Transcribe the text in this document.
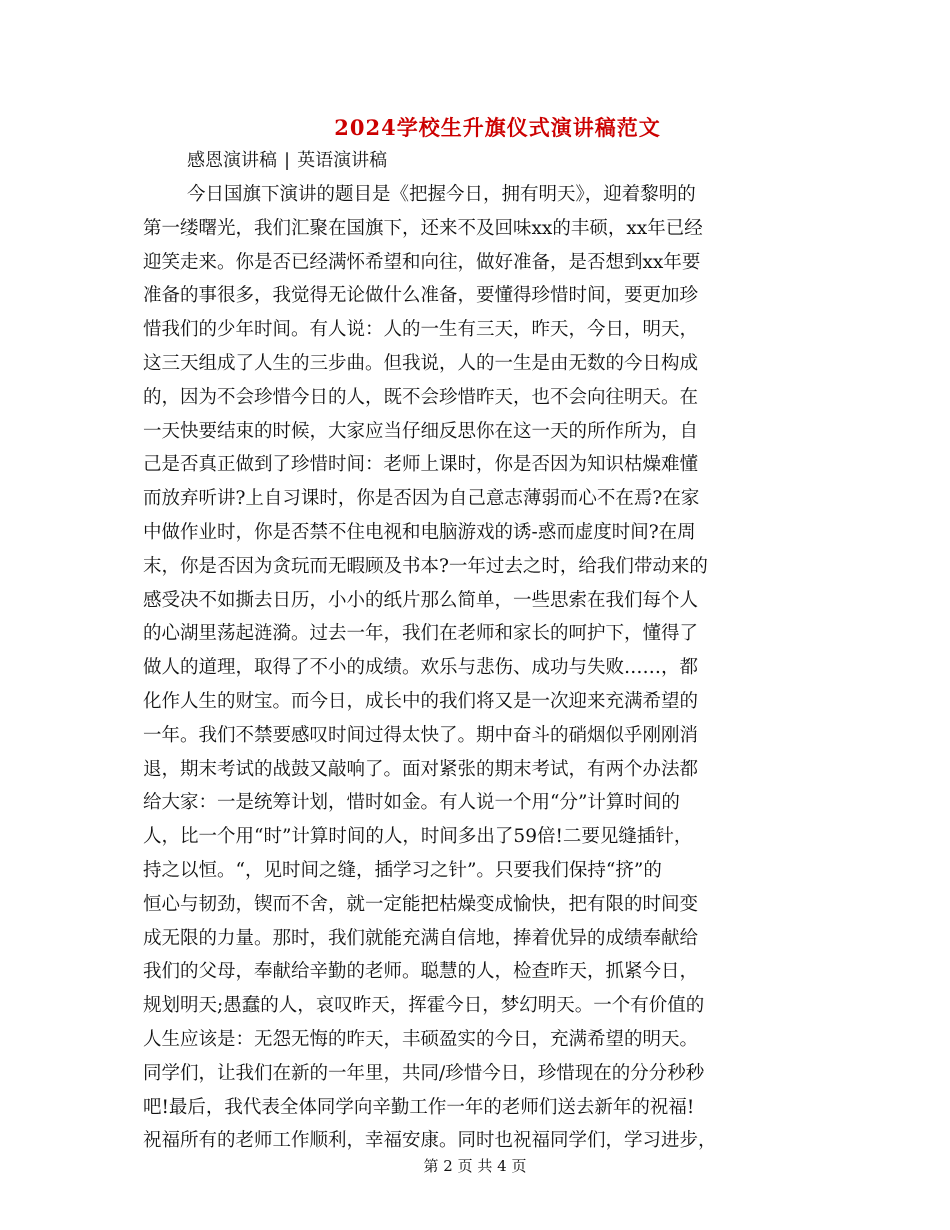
2024学校生升旗仪式演讲稿范文
感恩演讲稿 | 英语演讲稿
今日国旗下演讲的题目是《把握今日，拥有明天》，迎着黎明的
第一缕曙光，我们汇聚在国旗下，还来不及回味xx的丰硕，xx年已经
迎笑走来。你是否已经满怀希望和向往，做好准备，是否想到xx年要
准备的事很多，我觉得无论做什么准备，要懂得珍惜时间，要更加珍
惜我们的少年时间。有人说：人的一生有三天，昨天，今日，明天，
这三天组成了人生的三步曲。但我说，人的一生是由无数的今日构成
的，因为不会珍惜今日的人，既不会珍惜昨天，也不会向往明天。在
一天快要结束的时候，大家应当仔细反思你在这一天的所作所为，自
己是否真正做到了珍惜时间：老师上课时，你是否因为知识枯燥难懂
而放弃听讲?上自习课时，你是否因为自己意志薄弱而心不在焉?在家
中做作业时，你是否禁不住电视和电脑游戏的诱-惑而虚度时间?在周
末，你是否因为贪玩而无暇顾及书本?一年过去之时，给我们带动来的
感受决不如撕去日历，小小的纸片那么简单，一些思索在我们每个人
的心湖里荡起涟漪。过去一年，我们在老师和家长的呵护下，懂得了
做人的道理，取得了不小的成绩。欢乐与悲伤、成功与失败……，都
化作人生的财宝。而今日，成长中的我们将又是一次迎来充满希望的
一年。我们不禁要感叹时间过得太快了。期中奋斗的硝烟似乎刚刚消
退，期末考试的战鼓又敲响了。面对紧张的期末考试，有两个办法都
给大家：一是统筹计划，惜时如金。有人说一个用“分”计算时间的
人，比一个用“时”计算时间的人，时间多出了59倍!二要见缝插针，
持之以恒。“，见时间之缝，插学习之针”。只要我们保持“挤”的
恒心与韧劲，锲而不舍，就一定能把枯燥变成愉快，把有限的时间变
成无限的力量。那时，我们就能充满自信地，捧着优异的成绩奉献给
我们的父母，奉献给辛勤的老师。聪慧的人，检查昨天，抓紧今日，
规划明天;愚蠢的人，哀叹昨天，挥霍今日，梦幻明天。一个有价值的
人生应该是：无怨无悔的昨天，丰硕盈实的今日，充满希望的明天。
同学们，让我们在新的一年里，共同/珍惜今日，珍惜现在的分分秒秒
吧!最后，我代表全体同学向辛勤工作一年的老师们送去新年的祝福!
祝福所有的老师工作顺利，幸福安康。同时也祝福同学们，学习进步，
第 2 页 共 4 页
